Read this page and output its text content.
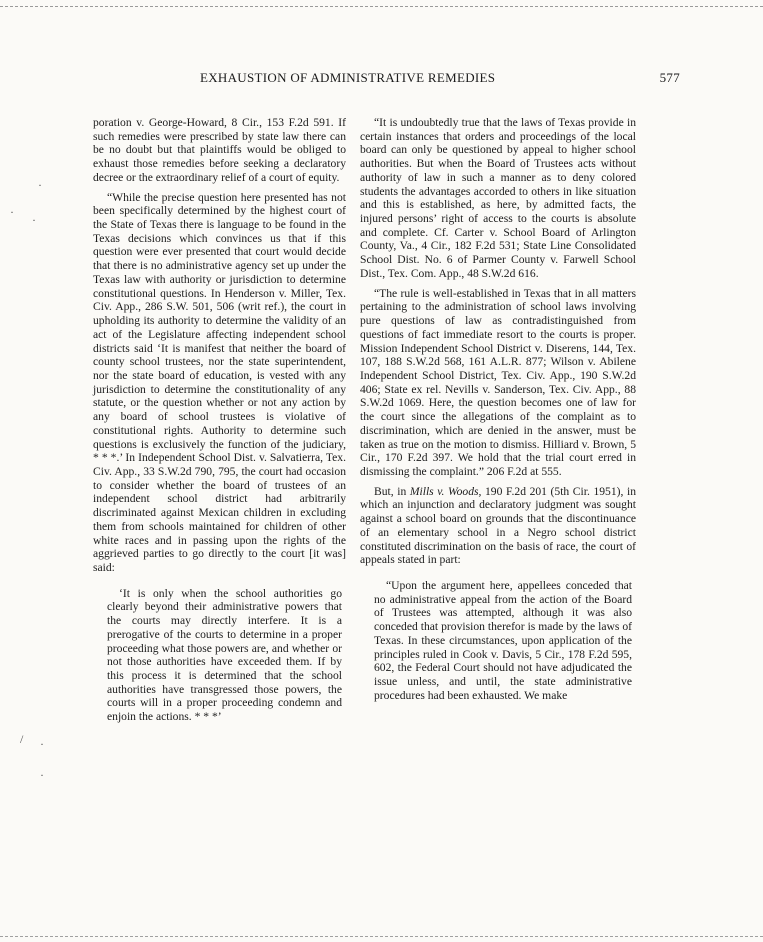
EXHAUSTION OF ADMINISTRATIVE REMEDIES	577

poration v. George-Howard, 8 Cir., 153 F.2d 591. If such remedies were prescribed by state law there can be no doubt but that plaintiffs would be obliged to exhaust those remedies before seeking a declaratory decree or the extraordinary relief of a court of equity.

“While the precise question here presented has not been specifically determined by the highest court of the State of Texas there is language to be found in the Texas decisions which convinces us that if this question were ever presented that court would decide that there is no administrative agency set up under the Texas law with authority or jurisdiction to determine constitutional questions. In Henderson v. Miller, Tex. Civ. App., 286 S.W. 501, 506 (writ ref.), the court in upholding its authority to determine the validity of an act of the Legislature affecting independent school districts said ‘It is manifest that neither the board of county school trustees, nor the state superintendent, nor the state board of education, is vested with any jurisdiction to determine the constitutionality of any statute, or the question whether or not any action by any board of school trustees is violative of constitutional rights. Authority to determine such questions is exclusively the function of the judiciary, * * *.’ In Independent School Dist. v. Salvatierra, Tex. Civ. App., 33 S.W.2d 790, 795, the court had occasion to consider whether the board of trustees of an independent school district had arbitrarily discriminated against Mexican children in excluding them from schools maintained for children of other white races and in passing upon the rights of the aggrieved parties to go directly to the court [it was] said:

‘It is only when the school authorities go clearly beyond their administrative powers that the courts may directly interfere. It is a prerogative of the courts to determine in a proper proceeding what those powers are, and whether or not those authorities have exceeded them. If by this process it is determined that the school authorities have transgressed those powers, the courts will in a proper proceeding condemn and enjoin the actions. * * *’

“It is undoubtedly true that the laws of Texas provide in certain instances that orders and proceedings of the local board can only be questioned by appeal to higher school authorities. But when the Board of Trustees acts without authority of law in such a manner as to deny colored students the advantages accorded to others in like situation and this is established, as here, by admitted facts, the injured persons’ right of access to the courts is absolute and complete. Cf. Carter v. School Board of Arlington County, Va., 4 Cir., 182 F.2d 531; State Line Consolidated School Dist. No. 6 of Parmer County v. Farwell School Dist., Tex. Com. App., 48 S.W.2d 616.

“The rule is well-established in Texas that in all matters pertaining to the administration of school laws involving pure questions of law as contradistinguished from questions of fact immediate resort to the courts is proper. Mission Independent School District v. Diserens, 144, Tex. 107, 188 S.W.2d 568, 161 A.L.R. 877; Wilson v. Abilene Independent School District, Tex. Civ. App., 190 S.W.2d 406; State ex rel. Nevills v. Sanderson, Tex. Civ. App., 88 S.W.2d 1069. Here, the question becomes one of law for the court since the allegations of the complaint as to discrimination, which are denied in the answer, must be taken as true on the motion to dismiss. Hilliard v. Brown, 5 Cir., 170 F.2d 397. We hold that the trial court erred in dismissing the complaint.” 206 F.2d at 555.

But, in Mills v. Woods, 190 F.2d 201 (5th Cir. 1951), in which an injunction and declaratory judgment was sought against a school board on grounds that the discontinuance of an elementary school in a Negro school district constituted discrimination on the basis of race, the court of appeals stated in part:

“Upon the argument here, appellees conceded that no administrative appeal from the action of the Board of Trustees was attempted, although it was also conceded that provision therefor is made by the laws of Texas. In these circumstances, upon application of the principles ruled in Cook v. Davis, 5 Cir., 178 F.2d 595, 602, the Federal Court should not have adjudicated the issue unless, and until, the state administrative procedures had been exhausted. We make

·
·
·
/ ·
·
